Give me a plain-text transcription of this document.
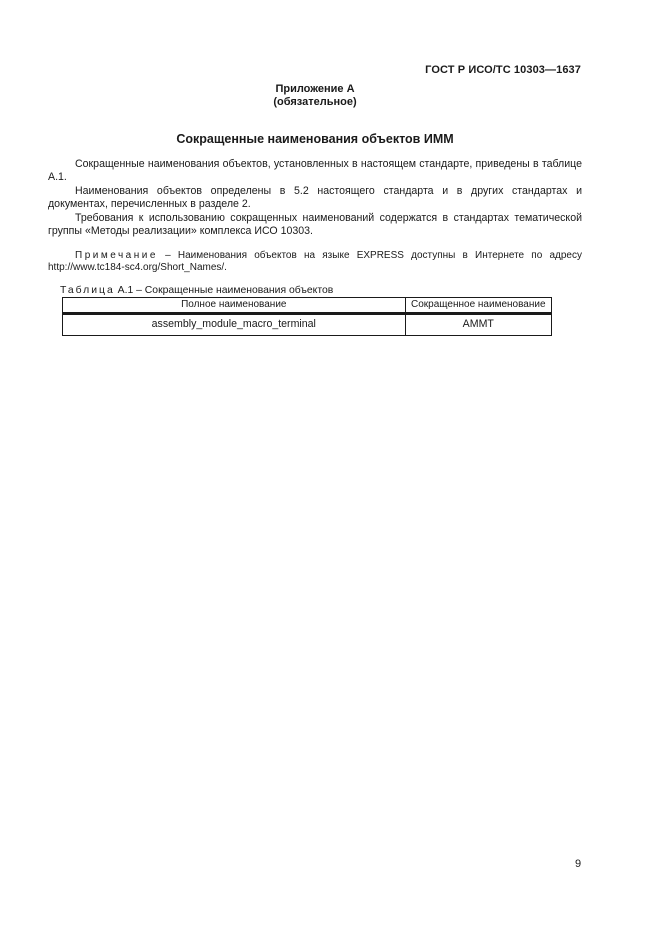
ГОСТ Р ИСО/ТС 10303—1637
Приложение А
(обязательное)
Сокращенные наименования объектов ИММ

Сокращенные наименования объектов, установленных в настоящем стандарте, приведены в таблице А.1.

Наименования объектов определены в 5.2 настоящего стандарта и в других стандартах и документах, перечисленных в разделе 2.

Требования к использованию сокращенных наименований содержатся в стандартах тематической группы «Методы реализации» комплекса ИСО 10303.

Примечание – Наименования объектов на языке EXPRESS доступны в Интернете по адресу http://www.tc184-sc4.org/Short_Names/.

Таблица А.1 – Сокращенные наименования объектов
Полное наименование	Сокращенное наименование
assembly_module_macro_terminal	AMMT
9
